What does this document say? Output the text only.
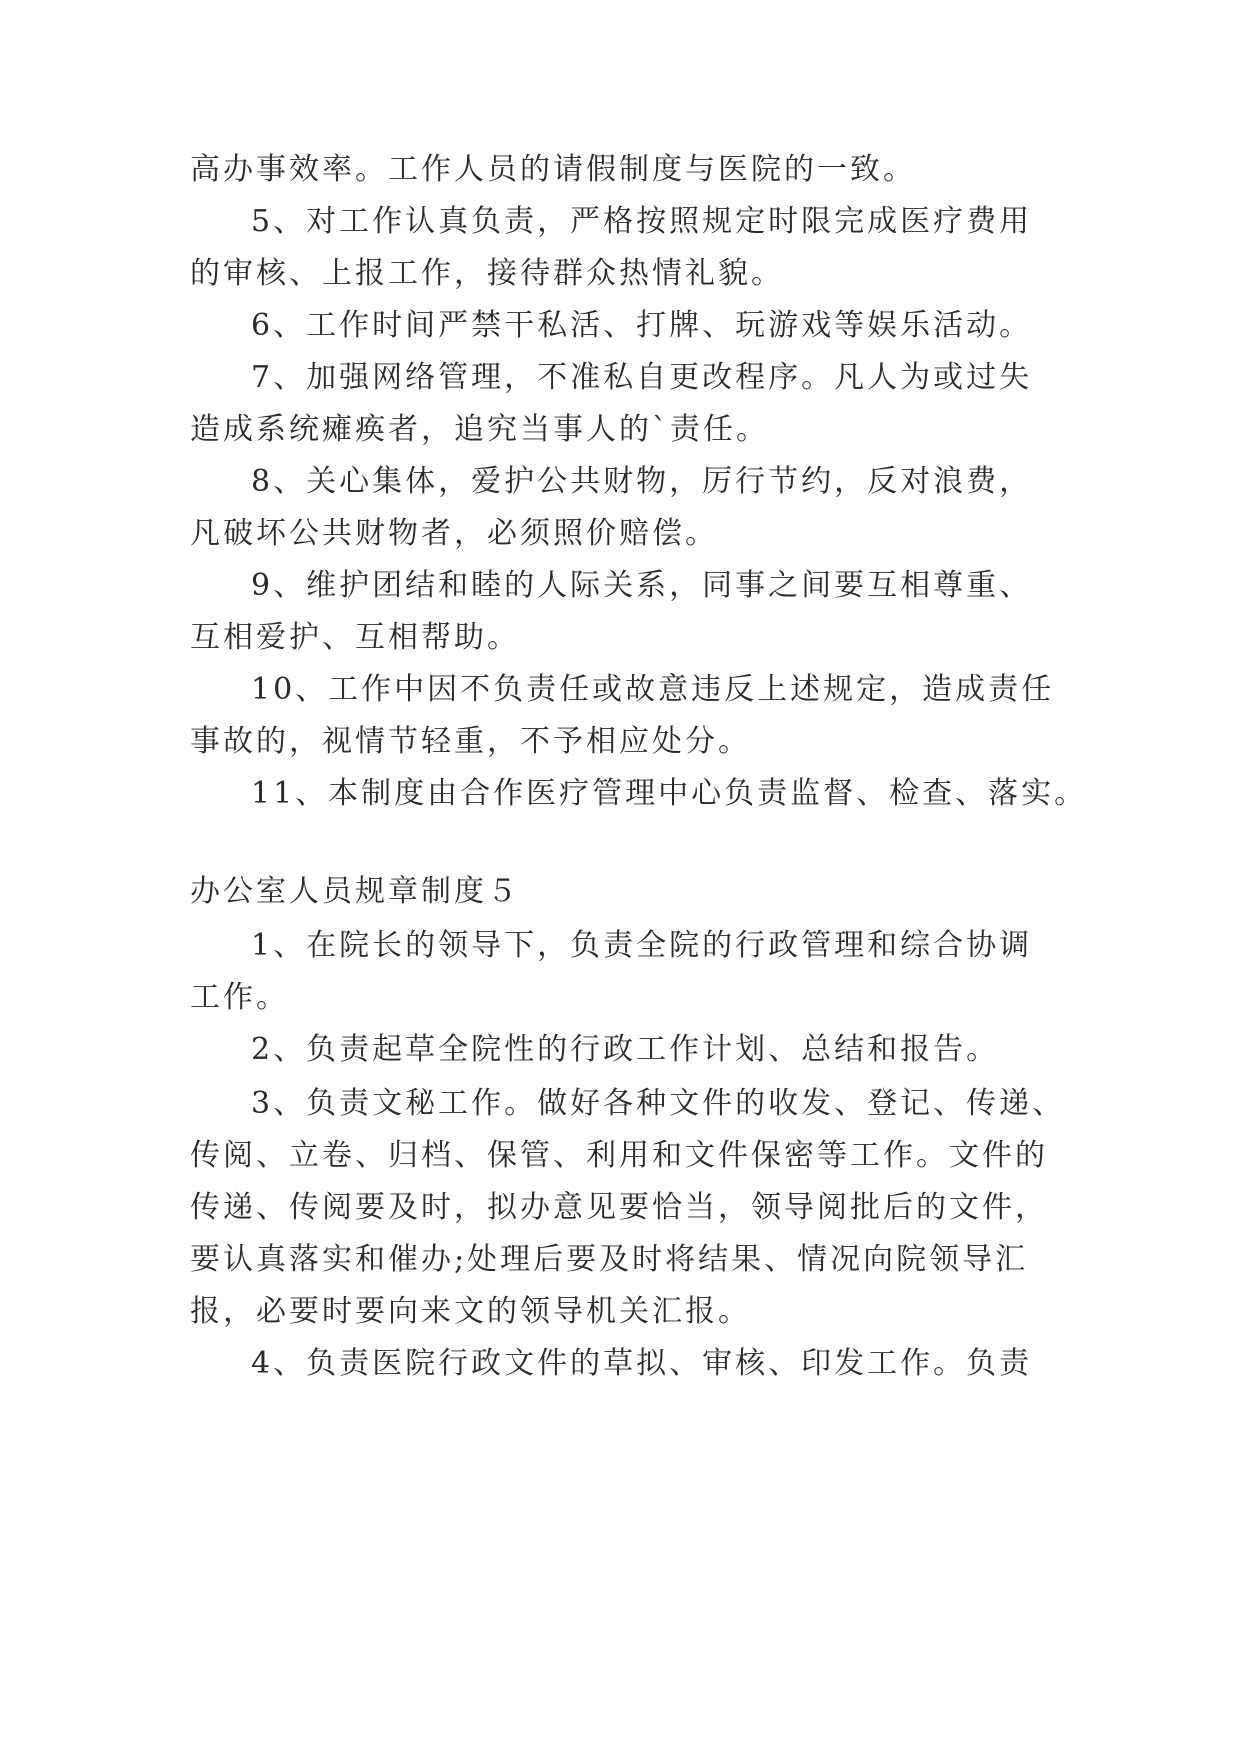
高办事效率。工作人员的请假制度与医院的一致。
5、对工作认真负责，严格按照规定时限完成医疗费用
的审核、上报工作，接待群众热情礼貌。
6、工作时间严禁干私活、打牌、玩游戏等娱乐活动。
7、加强网络管理，不准私自更改程序。凡人为或过失
造成系统瘫痪者，追究当事人的`责任。
8、关心集体，爱护公共财物，厉行节约，反对浪费，
凡破坏公共财物者，必须照价赔偿。
9、维护团结和睦的人际关系，同事之间要互相尊重、
互相爱护、互相帮助。
10、工作中因不负责任或故意违反上述规定，造成责任
事故的，视情节轻重，不予相应处分。
11、本制度由合作医疗管理中心负责监督、检查、落实。
办公室人员规章制度５
1、在院长的领导下，负责全院的行政管理和综合协调
工作。
2、负责起草全院性的行政工作计划、总结和报告。
3、负责文秘工作。做好各种文件的收发、登记、传递、
传阅、立卷、归档、保管、利用和文件保密等工作。文件的
传递、传阅要及时，拟办意见要恰当，领导阅批后的文件，
要认真落实和催办;处理后要及时将结果、情况向院领导汇
报，必要时要向来文的领导机关汇报。
4、负责医院行政文件的草拟、审核、印发工作。负责
